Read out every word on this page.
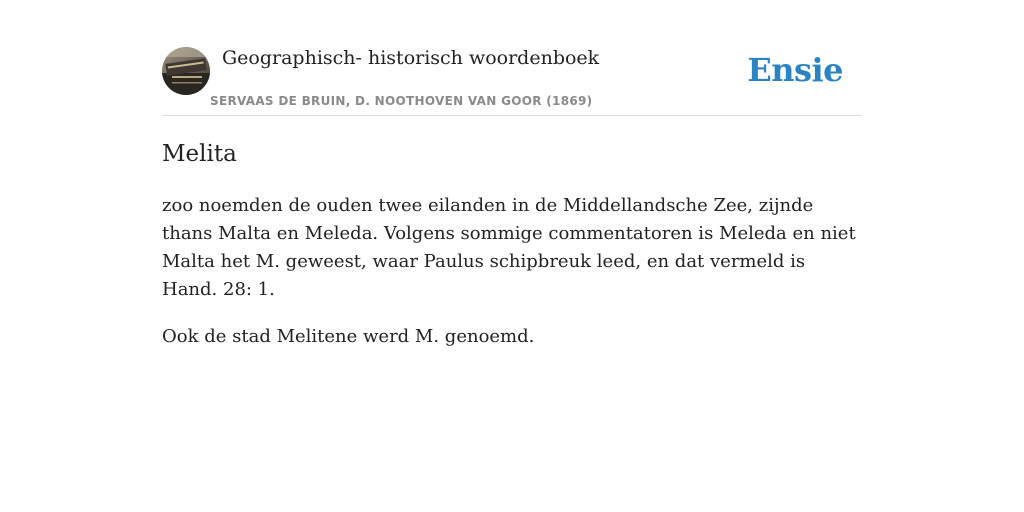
Geographisch- historisch woordenboek
SERVAAS DE BRUIN, D. NOOTHOVEN VAN GOOR (1869)
Ensie
Melita

zoo noemden de ouden twee eilanden in de Middellandsche Zee, zijnde thans Malta en Meleda. Volgens sommige commentatoren is Meleda en niet Malta het M. geweest, waar Paulus schipbreuk leed, en dat vermeld is Hand. 28: 1.

Ook de stad Melitene werd M. genoemd.
